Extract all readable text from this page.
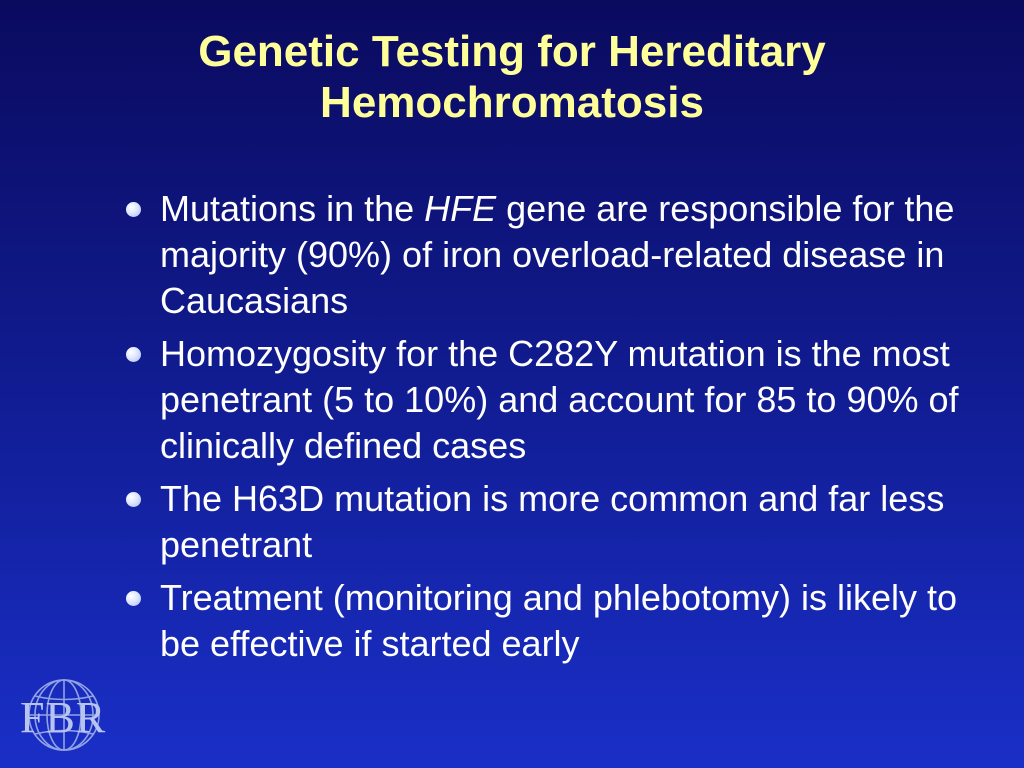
Genetic Testing for Hereditary
Hemochromatosis
Mutations in the HFE gene are responsible for the majority (90%) of iron overload-related disease in Caucasians
Homozygosity for the C282Y mutation is the most penetrant (5 to 10%) and account for 85 to 90% of clinically defined cases
The H63D mutation is more common and far less penetrant
Treatment (monitoring and phlebotomy) is likely to be effective if started early
FBR
